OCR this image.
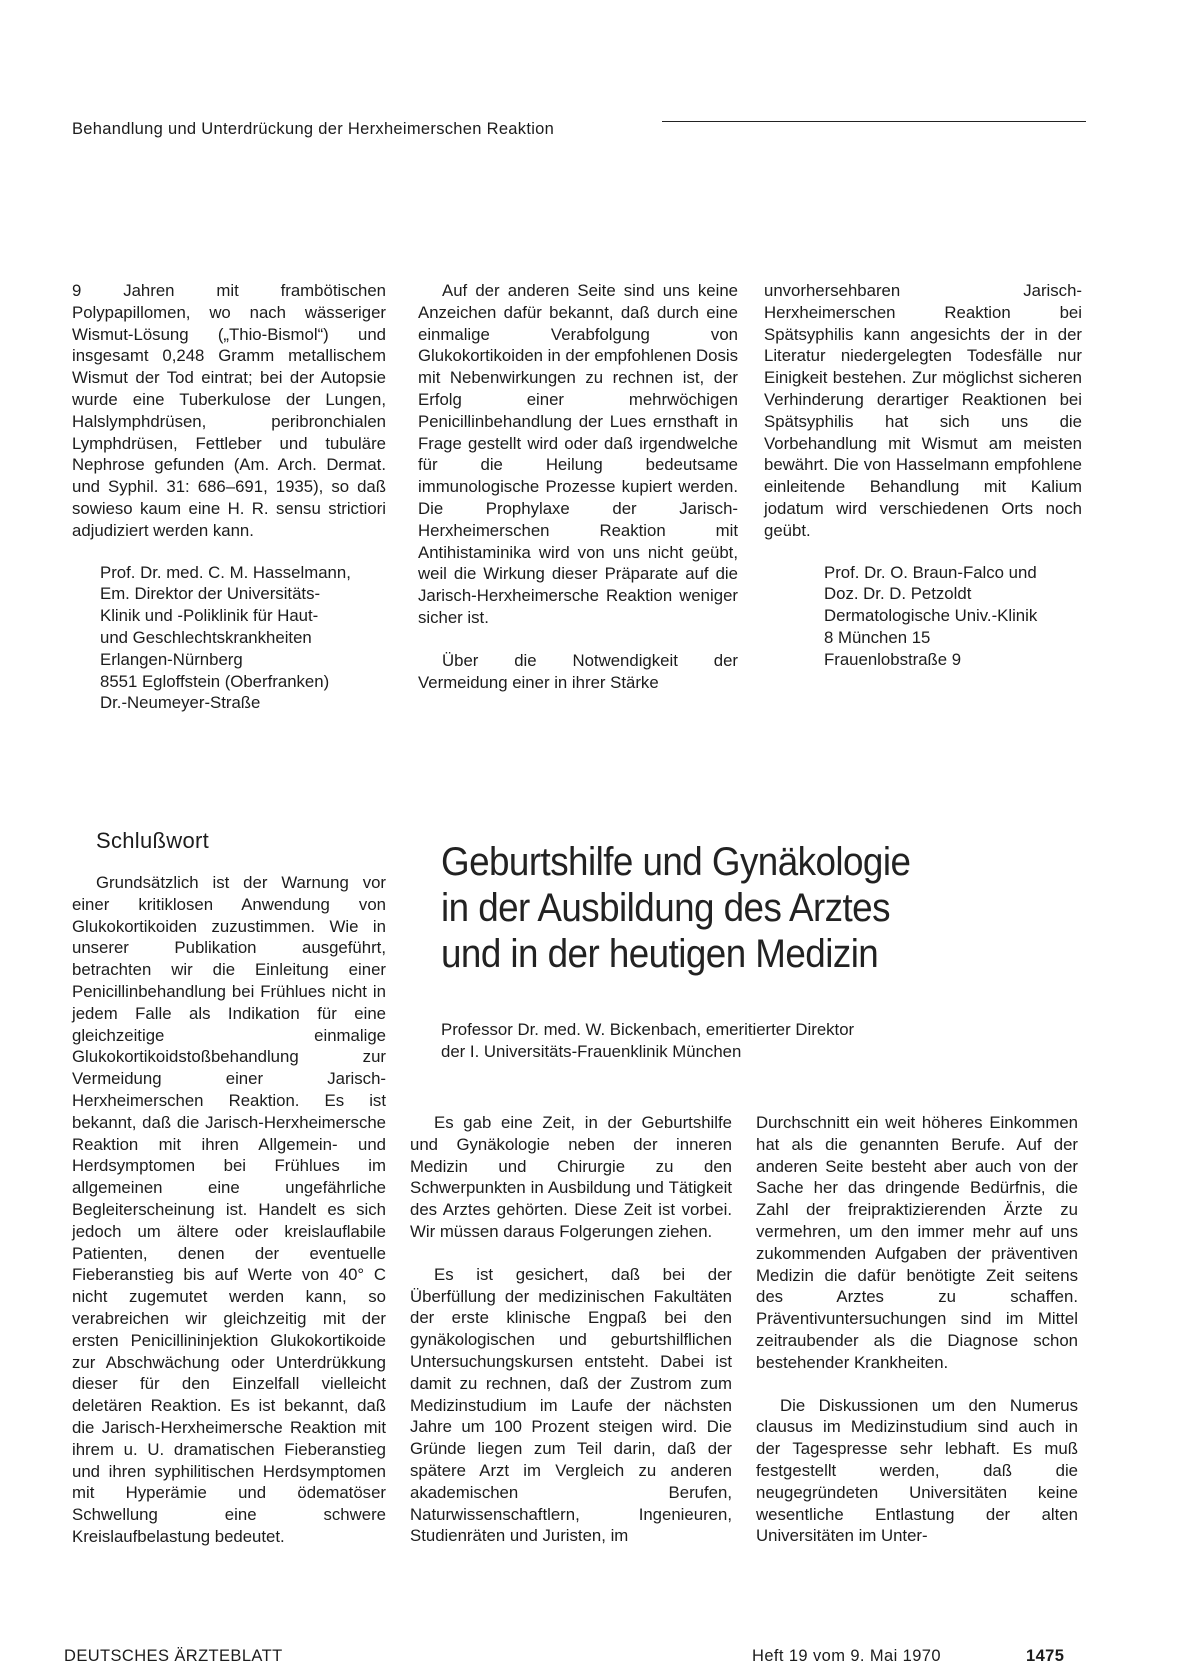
Behandlung und Unterdrückung der Herxheimerschen Reaktion

9 Jahren mit frambötischen Polypapillomen, wo nach wässeriger Wismut-Lösung („Thio-Bismol“) und insgesamt 0,248 Gramm metallischem Wismut der Tod eintrat; bei der Autopsie wurde eine Tuberkulose der Lungen, Halslymphdrüsen, peribronchialen Lymphdrüsen, Fettleber und tubuläre Nephrose gefunden (Am. Arch. Dermat. und Syphil. 31: 686–691, 1935), so daß sowieso kaum eine H. R. sensu strictiori adjudiziert werden kann.

Prof. Dr. med. C. M. Hasselmann,
Em. Direktor der Universitäts-
Klinik und -Poliklinik für Haut-
und Geschlechtskrankheiten
Erlangen-Nürnberg
8551 Egloffstein (Oberfranken)
Dr.-Neumeyer-Straße

Auf der anderen Seite sind uns keine Anzeichen dafür bekannt, daß durch eine einmalige Verabfolgung von Glukokortikoiden in der empfohlenen Dosis mit Nebenwirkungen zu rechnen ist, der Erfolg einer mehrwöchigen Penicillinbehandlung der Lues ernsthaft in Frage gestellt wird oder daß irgendwelche für die Heilung bedeutsame immunologische Prozesse kupiert werden. Die Prophylaxe der Jarisch-Herxheimerschen Reaktion mit Antihistaminika wird von uns nicht geübt, weil die Wirkung dieser Präparate auf die Jarisch-Herxheimersche Reaktion weniger sicher ist.

Über die Notwendigkeit der Vermeidung einer in ihrer Stärke

unvorhersehbaren Jarisch-Herxheimerschen Reaktion bei Spätsyphilis kann angesichts der in der Literatur niedergelegten Todesfälle nur Einigkeit bestehen. Zur möglichst sicheren Verhinderung derartiger Reaktionen bei Spätsyphilis hat sich uns die Vorbehandlung mit Wismut am meisten bewährt. Die von Hasselmann empfohlene einleitende Behandlung mit Kalium jodatum wird verschiedenen Orts noch geübt.

Prof. Dr. O. Braun-Falco und
Doz. Dr. D. Petzoldt
Dermatologische Univ.-Klinik
8 München 15
Frauenlobstraße 9
Schlußwort

Grundsätzlich ist der Warnung vor einer kritiklosen Anwendung von Glukokortikoiden zuzustimmen. Wie in unserer Publikation ausgeführt, betrachten wir die Einleitung einer Penicillinbehandlung bei Frühlues nicht in jedem Falle als Indikation für eine gleichzeitige einmalige Glukokortikoidstoßbehandlung zur Vermeidung einer Jarisch-Herxheimerschen Reaktion. Es ist bekannt, daß die Jarisch-Herxheimersche Reaktion mit ihren Allgemein- und Herdsymptomen bei Frühlues im allgemeinen eine ungefährliche Begleiterscheinung ist. Handelt es sich jedoch um ältere oder kreislauflabile Patienten, denen der eventuelle Fieberanstieg bis auf Werte von 40° C nicht zugemutet werden kann, so verabreichen wir gleichzeitig mit der ersten Penicillininjektion Glukokortikoide zur Abschwächung oder Unterdrükkung dieser für den Einzelfall vielleicht deletären Reaktion. Es ist bekannt, daß die Jarisch-Herxheimersche Reaktion mit ihrem u. U. dramatischen Fieberanstieg und ihren syphilitischen Herdsymptomen mit Hyperämie und ödematöser Schwellung eine schwere Kreislaufbelastung bedeutet.

Geburtshilfe und Gynäkologie
in der Ausbildung des Arztes
und in der heutigen Medizin
Professor Dr. med. W. Bickenbach, emeritierter Direktor
der I. Universitäts-Frauenklinik München

Es gab eine Zeit, in der Geburtshilfe und Gynäkologie neben der inneren Medizin und Chirurgie zu den Schwerpunkten in Ausbildung und Tätigkeit des Arztes gehörten. Diese Zeit ist vorbei. Wir müssen daraus Folgerungen ziehen.

Es ist gesichert, daß bei der Überfüllung der medizinischen Fakultäten der erste klinische Engpaß bei den gynäkologischen und geburtshilflichen Untersuchungskursen entsteht. Dabei ist damit zu rechnen, daß der Zustrom zum Medizinstudium im Laufe der nächsten Jahre um 100 Prozent steigen wird. Die Gründe liegen zum Teil darin, daß der spätere Arzt im Vergleich zu anderen akademischen Berufen, Naturwissenschaftlern, Ingenieuren, Studienräten und Juristen, im

Durchschnitt ein weit höheres Einkommen hat als die genannten Berufe. Auf der anderen Seite besteht aber auch von der Sache her das dringende Bedürfnis, die Zahl der freipraktizierenden Ärzte zu vermehren, um den immer mehr auf uns zukommenden Aufgaben der präventiven Medizin die dafür benötigte Zeit seitens des Arztes zu schaffen. Präventivuntersuchungen sind im Mittel zeitraubender als die Diagnose schon bestehender Krankheiten.

Die Diskussionen um den Numerus clausus im Medizinstudium sind auch in der Tagespresse sehr lebhaft. Es muß festgestellt werden, daß die neugegründeten Universitäten keine wesentliche Entlastung der alten Universitäten im Unter-

DEUTSCHES ÄRZTEBLATT	Heft 19 vom 9. Mai 1970	1475
